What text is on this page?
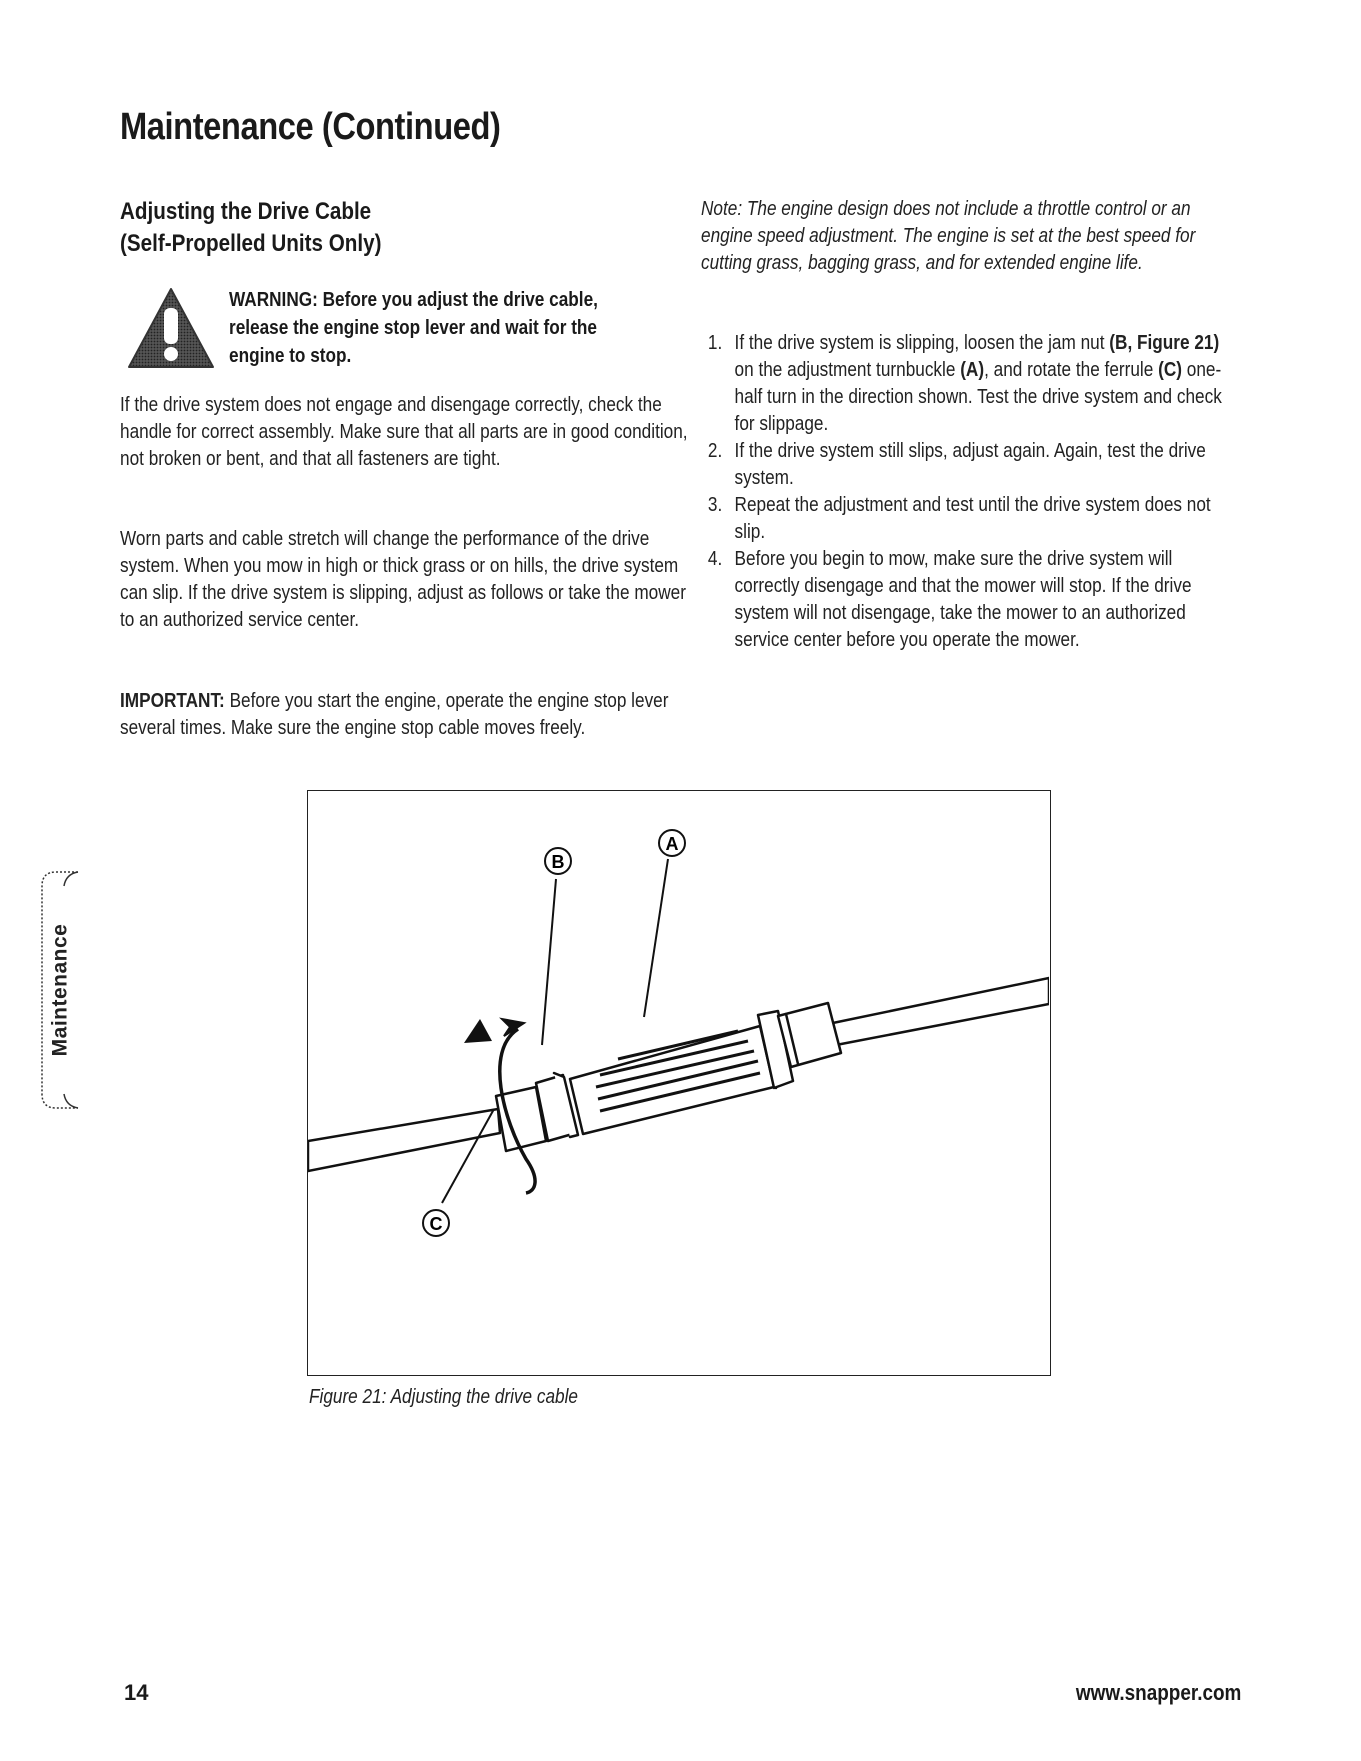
Maintenance (Continued)
Adjusting the Drive Cable
(Self-Propelled Units Only)
WARNING: Before you adjust the drive cable, release the engine stop lever and wait for the engine to stop.
If the drive system does not engage and disengage correctly, check the handle for correct assembly. Make sure that all parts are in good condition, not broken or bent, and that all fasteners are tight.
Worn parts and cable stretch will change the performance of the drive system. When you mow in high or thick grass or on hills, the drive system can slip. If the drive system is slipping, adjust as follows or take the mower to an authorized service center.
IMPORTANT: Before you start the engine, operate the engine stop lever several times. Make sure the engine stop cable moves freely.
Note: The engine design does not include a throttle control or an engine speed adjustment. The engine is set at the best speed for cutting grass, bagging grass, and for extended engine life.
1. If the drive system is slipping, loosen the jam nut (B, Figure 21) on the adjustment turnbuckle (A), and rotate the ferrule (C) one-half turn in the direction shown. Test the drive system and check for slippage.
2. If the drive system still slips, adjust again. Again, test the drive system.
3. Repeat the adjustment and test until the drive system does not slip.
4. Before you begin to mow, make sure the drive system will correctly disengage and that the mower will stop. If the drive system will not disengage, take the mower to an authorized service center before you operate the mower.
B
A
C
Figure 21: Adjusting the drive cable
Maintenance
14	www.snapper.com
